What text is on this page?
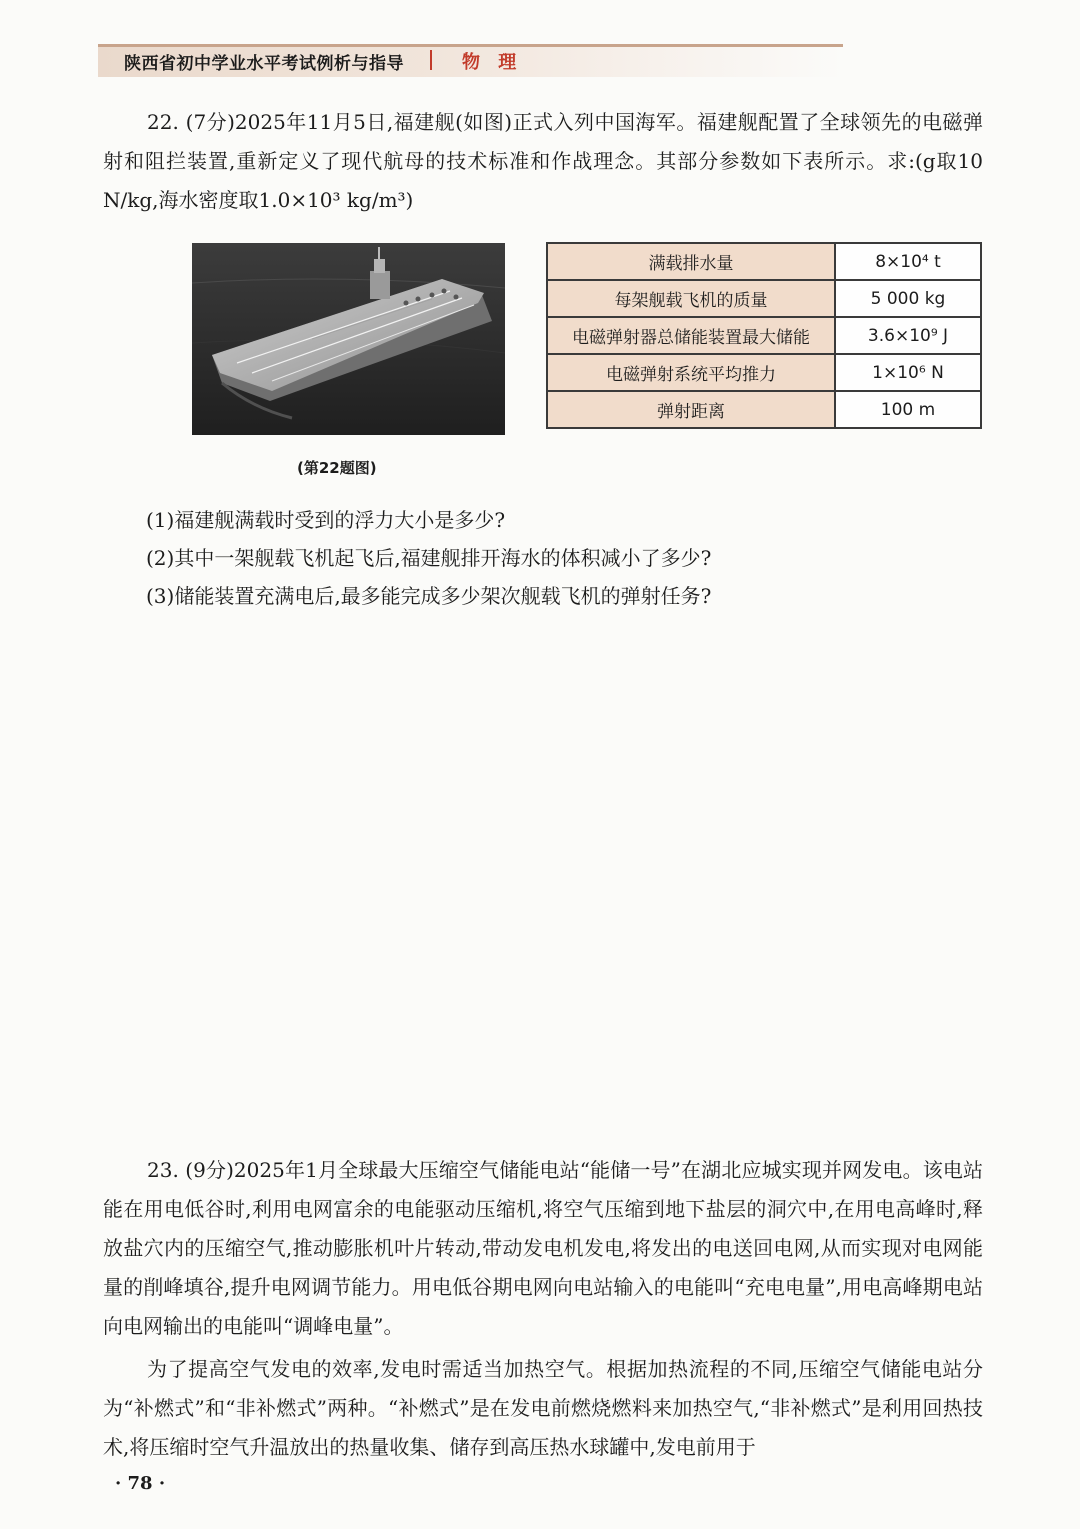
陕西省初中学业水平考试例析与指导	物 理

22. (7分)2025年11月5日,福建舰(如图)正式入列中国海军。福建舰配置了全球领先的电磁弹射和阻拦装置,重新定义了现代航母的技术标准和作战理念。其部分参数如下表所示。求:(g取10 N/kg,海水密度取1.0×10³ kg/m³)

(第22题图)
满载排水量	8×10⁴ t
每架舰载飞机的质量	5 000 kg
电磁弹射器总储能装置最大储能	3.6×10⁹ J
电磁弹射系统平均推力	1×10⁶ N
弹射距离	100 m
(1)福建舰满载时受到的浮力大小是多少?
(2)其中一架舰载飞机起飞后,福建舰排开海水的体积减小了多少?
(3)储能装置充满电后,最多能完成多少架次舰载飞机的弹射任务?

23. (9分)2025年1月全球最大压缩空气储能电站“能储一号”在湖北应城实现并网发电。该电站能在用电低谷时,利用电网富余的电能驱动压缩机,将空气压缩到地下盐层的洞穴中,在用电高峰时,释放盐穴内的压缩空气,推动膨胀机叶片转动,带动发电机发电,将发出的电送回电网,从而实现对电网能量的削峰填谷,提升电网调节能力。用电低谷期电网向电站输入的电能叫“充电电量”,用电高峰期电站向电网输出的电能叫“调峰电量”。

为了提高空气发电的效率,发电时需适当加热空气。根据加热流程的不同,压缩空气储能电站分为“补燃式”和“非补燃式”两种。“补燃式”是在发电前燃烧燃料来加热空气,“非补燃式”是利用回热技术,将压缩时空气升温放出的热量收集、储存到高压热水球罐中,发电前用于

· 78 ·
